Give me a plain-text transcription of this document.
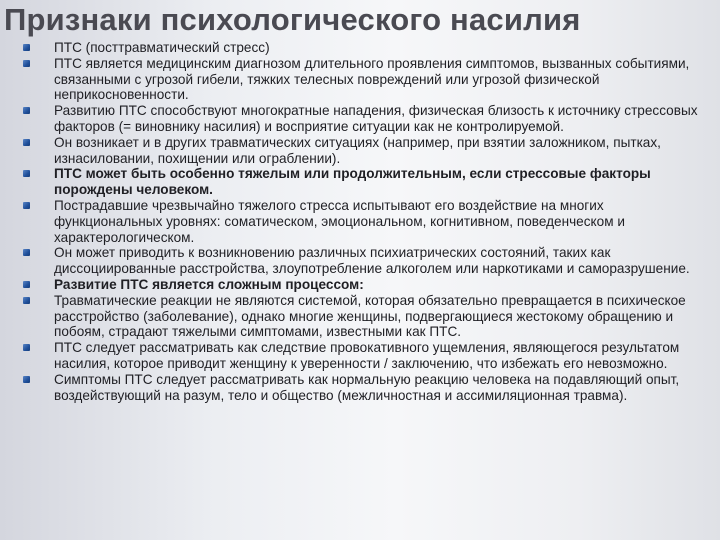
Признаки психологического насилия
ПТС (посттравматический стресс)
ПТС является медицинским диагнозом длительного проявления симптомов, вызванных событиями, связанными с угрозой гибели, тяжких телесных повреждений или угрозой физической неприкосновенности.
Развитию ПТС способствуют многократные нападения, физическая близость к источнику стрессовых факторов (= виновнику насилия) и восприятие ситуации как не контролируемой.
Он возникает и в других травматических ситуациях (например, при взятии заложником, пытках, изнасиловании, похищении или ограблении).
ПТС может быть особенно тяжелым или продолжительным, если стрессовые факторы порождены человеком.
Пострадавшие чрезвычайно тяжелого стресса испытывают его воздействие на многих функциональных уровнях: соматическом, эмоциональном, когнитивном, поведенческом и характерологическом.
Он может приводить к возникновению различных психиатрических состояний, таких как диссоциированные расстройства, злоупотребление алкоголем или наркотиками и саморазрушение.
Развитие ПТС является сложным процессом:
Травматические реакции не являются системой, которая обязательно превращается в психическое расстройство (заболевание), однако многие женщины, подвергающиеся жестокому обращению и побоям, страдают тяжелыми симптомами, известными как ПТС.
ПТС следует рассматривать как следствие провокативного ущемления, являющегося результатом насилия, которое приводит женщину к уверенности / заключению, что избежать его невозможно.
Симптомы ПТС следует рассматривать как нормальную реакцию человека на подавляющий опыт, воздействующий на разум, тело и общество (межличностная и ассимиляционная травма).
